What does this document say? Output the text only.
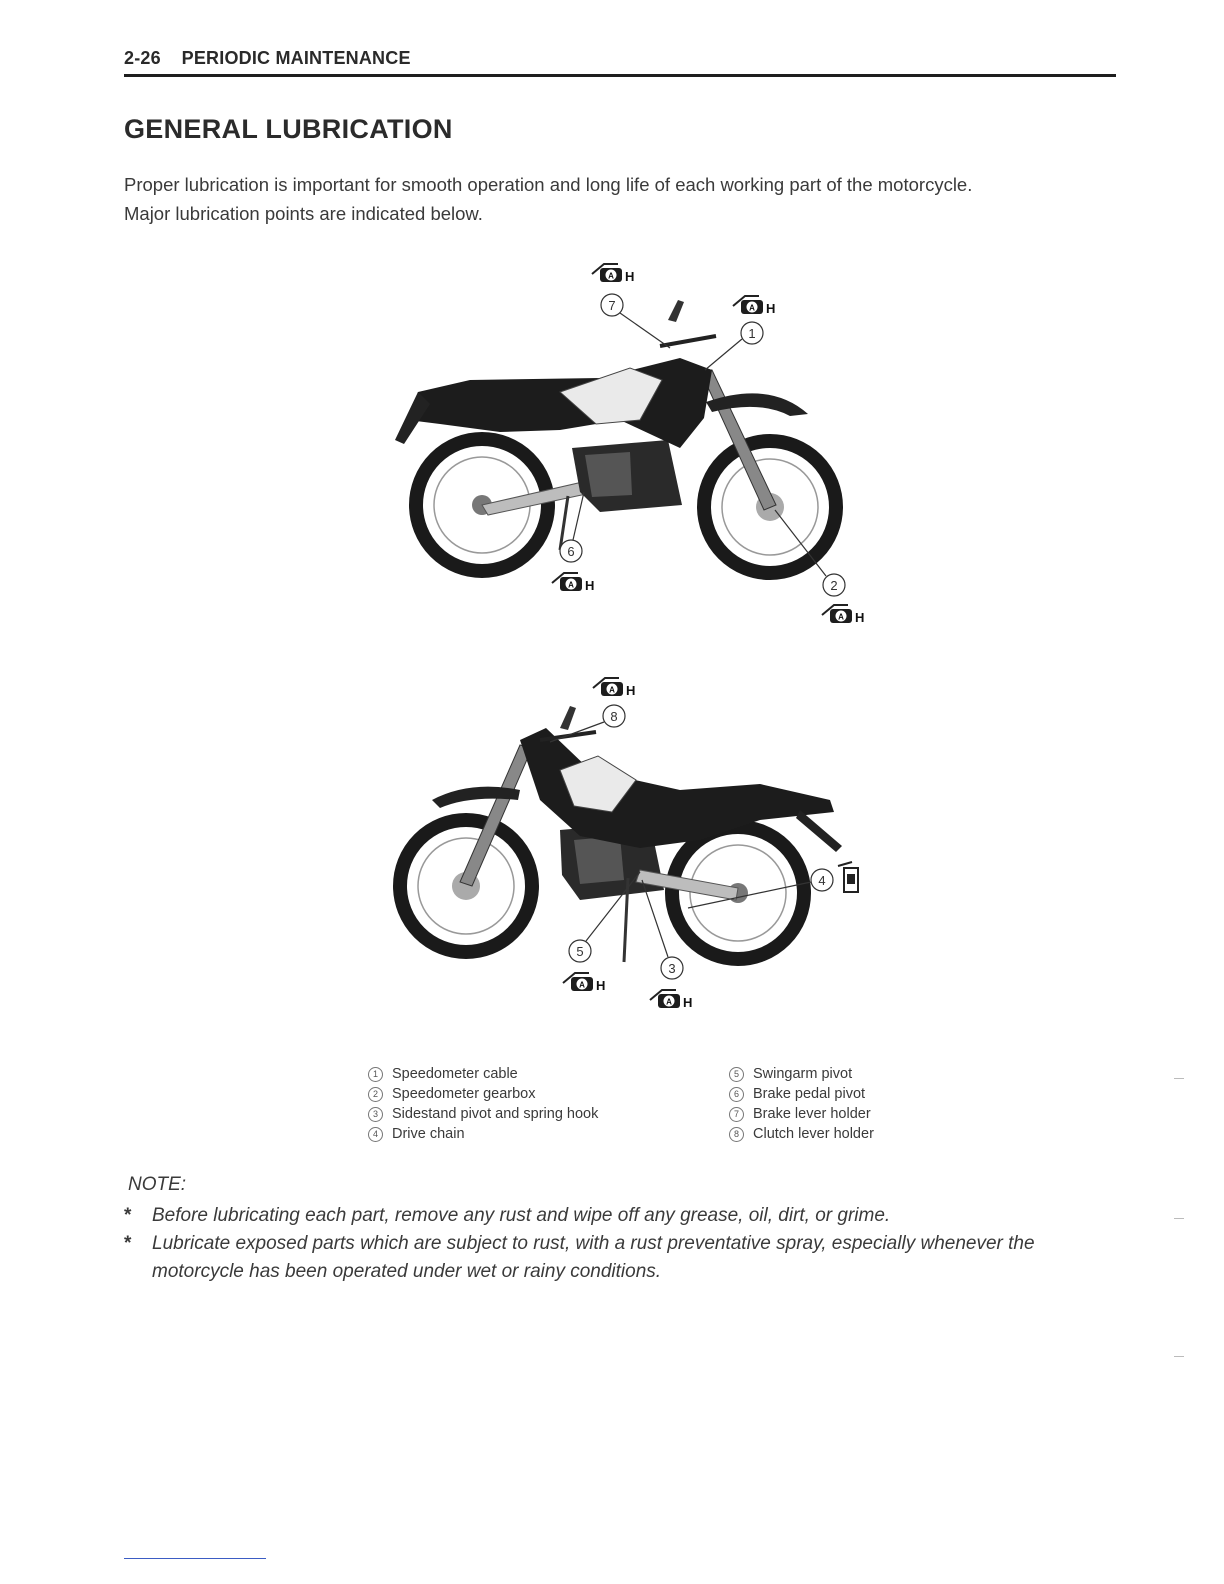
2-26 PERIODIC MAINTENANCE
GENERAL LUBRICATION

Proper lubrication is important for smooth operation and long life of each working part of the motorcycle.

Major lubrication points are indicated below.

A H
7
1
6
2
8
4
5
3
1 Speedometer cable
2 Speedometer gearbox
3 Sidestand pivot and spring hook
4 Drive chain
5 Swingarm pivot
6 Brake pedal pivot
7 Brake lever holder
8 Clutch lever holder
NOTE:
*	Before lubricating each part, remove any rust and wipe off any grease, oil, dirt, or grime.
*	Lubricate exposed parts which are subject to rust, with a rust preventative spray, especially whenever the
motorcycle has been operated under wet or rainy conditions.
